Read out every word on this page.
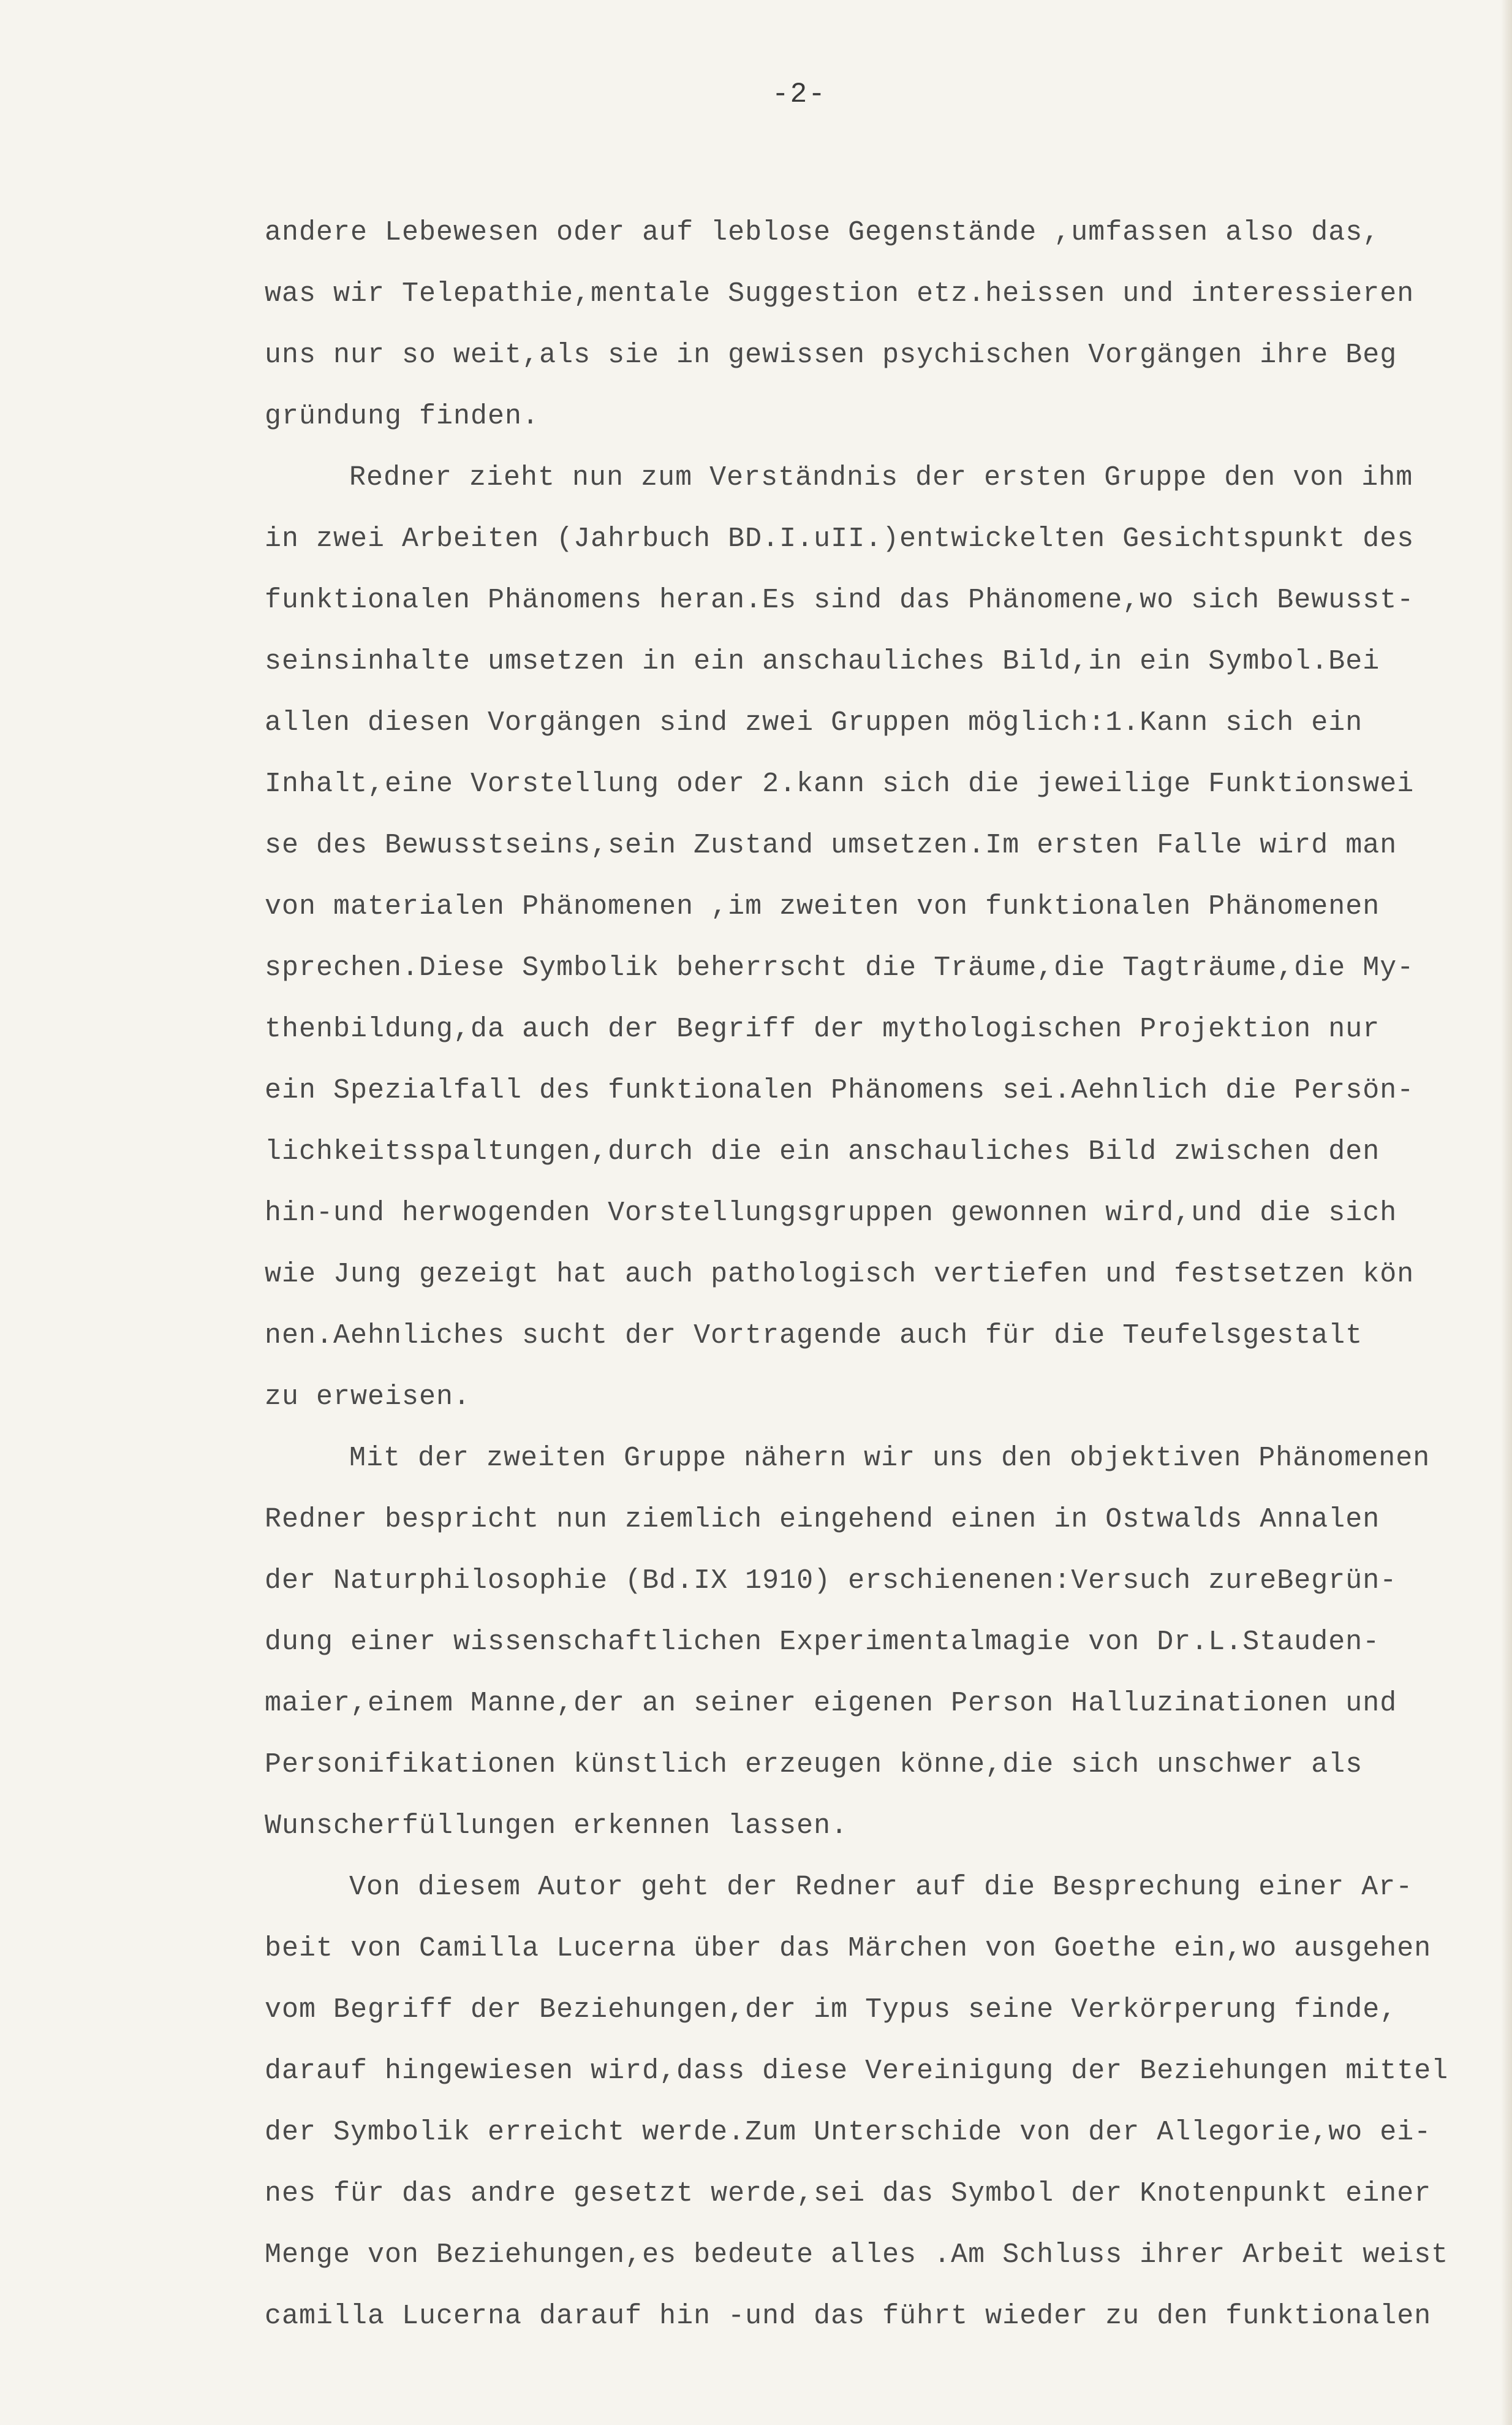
-2-
andere Lebewesen oder auf leblose Gegenstände ,umfassen also das,
was wir Telepathie,mentale Suggestion etz.heissen und interessieren
uns nur so weit,als sie in gewissen psychischen Vorgängen ihre Beg
gründung finden.
Redner zieht nun zum Verständnis der ersten Gruppe den von ihm
in zwei Arbeiten (Jahrbuch BD.I.uII.)entwickelten Gesichtspunkt des
funktionalen Phänomens heran.Es sind das Phänomene,wo sich Bewusst-
seinsinhalte umsetzen in ein anschauliches Bild,in ein Symbol.Bei
allen diesen Vorgängen sind zwei Gruppen möglich:1.Kann sich ein
Inhalt,eine Vorstellung oder 2.kann sich die jeweilige Funktionswei
se des Bewusstseins,sein Zustand umsetzen.Im ersten Falle wird man
von materialen Phänomenen ,im zweiten von funktionalen Phänomenen
sprechen.Diese Symbolik beherrscht die Träume,die Tagträume,die My-
thenbildung,da auch der Begriff der mythologischen Projektion nur
ein Spezialfall des funktionalen Phänomens sei.Aehnlich die Persön-
lichkeitsspaltungen,durch die ein anschauliches Bild zwischen den
hin-und herwogenden Vorstellungsgruppen gewonnen wird,und die sich
wie Jung gezeigt hat auch pathologisch vertiefen und festsetzen kön
nen.Aehnliches sucht der Vortragende auch für die Teufelsgestalt
zu erweisen.
Mit der zweiten Gruppe nähern wir uns den objektiven Phänomenen
Redner bespricht nun ziemlich eingehend einen in Ostwalds Annalen
der Naturphilosophie (Bd.IX 1910) erschienenen:Versuch zureBegrün-
dung einer wissenschaftlichen Experimentalmagie von Dr.L.Stauden-
maier,einem Manne,der an seiner eigenen Person Halluzinationen und
Personifikationen künstlich erzeugen könne,die sich unschwer als
Wunscherfüllungen erkennen lassen.
Von diesem Autor geht der Redner auf die Besprechung einer Ar-
beit von Camilla Lucerna über das Märchen von Goethe ein,wo ausgehen
vom Begriff der Beziehungen,der im Typus seine Verkörperung finde,
darauf hingewiesen wird,dass diese Vereinigung der Beziehungen mittel
der Symbolik erreicht werde.Zum Unterschide von der Allegorie,wo ei-
nes für das andre gesetzt werde,sei das Symbol der Knotenpunkt einer
Menge von Beziehungen,es bedeute alles .Am Schluss ihrer Arbeit weist
camilla Lucerna darauf hin -und das führt wieder zu den funktionalen
